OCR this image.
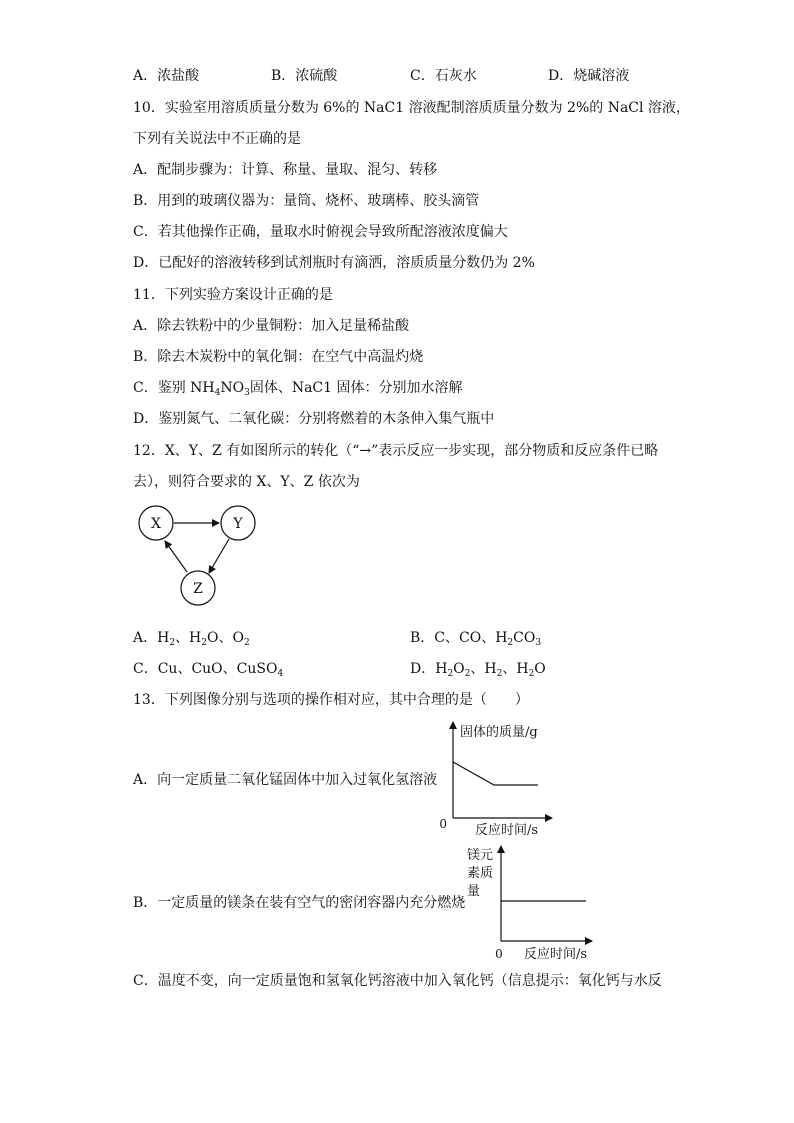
A．浓盐酸	B．浓硫酸	C．石灰水	D．烧碱溶液
10．实验室用溶质质量分数为 6%的 NaC1 溶液配制溶质质量分数为 2%的 NaCl 溶液，
下列有关说法中不正确的是
A．配制步骤为：计算、称量、量取、混匀、转移
B．用到的玻璃仪器为：量筒、烧杯、玻璃棒、胶头滴管
C．若其他操作正确，量取水时俯视会导致所配溶液浓度偏大
D．已配好的溶液转移到试剂瓶时有滴洒，溶质质量分数仍为 2%
11．下列实验方案设计正确的是
A．除去铁粉中的少量铜粉：加入足量稀盐酸
B．除去木炭粉中的氧化铜：在空气中高温灼烧
C．鉴别 $NH_4NO_3$固体、NaC1 固体：分别加水溶解
D．鉴别氮气、二氧化碳：分别将燃着的木条伸入集气瓶中
12．X、Y、Z 有如图所示的转化（“→”表示反应一步实现，部分物质和反应条件已略
去），则符合要求的 X、Y、Z 依次为
X	Y
Z
A．$H_2$、$H_2O$、$O_2$	B．C、CO、$H_2CO_3$
C．Cu、CuO、CuSO$_4$	D．$H_2O_2$、$H_2$、$H_2O$
13．下列图像分别与选项的操作相对应，其中合理的是（　　）
A．向一定质量二氧化锰固体中加入过氧化氢溶液
固体的质量/g
反应时间/s
0
B．一定质量的镁条在装有空气的密闭容器内充分燃烧
镁元
素质
量
反应时间/s
0
C．温度不变，向一定质量饱和氢氧化钙溶液中加入氧化钙（信息提示：氧化钙与水反
